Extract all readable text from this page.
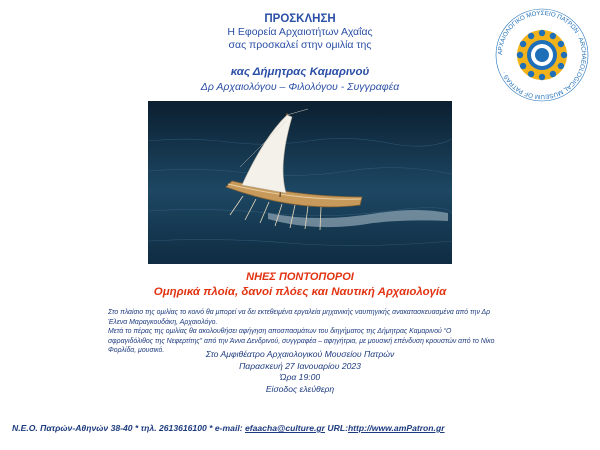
ΠΡΟΣΚΛΗΣΗ
Η Εφορεία Αρχαιοτήτων Αχαΐας
σας προσκαλεί στην ομιλία της
κας Δήμητρας Καμαρινού
Δρ Αρχαιολόγου – Φιλολόγου - Συγγραφέα
ΑΡΧΑΙΟΛΟΓΙΚΟ ΜΟΥΣΕΙΟ ΠΑΤΡΩΝ · ARCHAEOLOGICAL MUSEUM OF PATRAS ·
ΝΗΕΣ ΠΟΝΤΟΠΟΡΟΙ
Ομηρικά πλοία, δανοί πλόες και Ναυτική Αρχαιολογία

Στο πλαίσιο της ομιλίας το κοινό θα μπορεί να δει εκτεθειμένα εργαλεία μηχανικής ναυπηγικής ανακατασκευασμένα από την Δρ Έλενα Μαραγκουδάκη, Αρχαιολόγο.

Μετά το πέρας της ομιλίας θα ακολουθήσει αφήγηση αποσπασμάτων του διηγήματος της Δήμητρας Καμαρινού “Ο σφραγιδόλιθος της Νεφερτίτης” από την Άννα Δενδρινού, συγγραφέα – αφηγήτρια, με μουσική επένδυση κρουστών από το Νίκο Φορλίδα, μουσικό.	Στο Αμφιθέατρο Αρχαιολογικού Μουσείου Πατρών
Παρασκευή 27 Ιανουαρίου 2023
Ώρα 19:00
Είσοδος ελεύθερη
Ν.Ε.Ο. Πατρών-Αθηνών 38-40 * τηλ. 2613616100 * e-mail: efaacha@culture.gr URL:http://www.amPatron.gr
